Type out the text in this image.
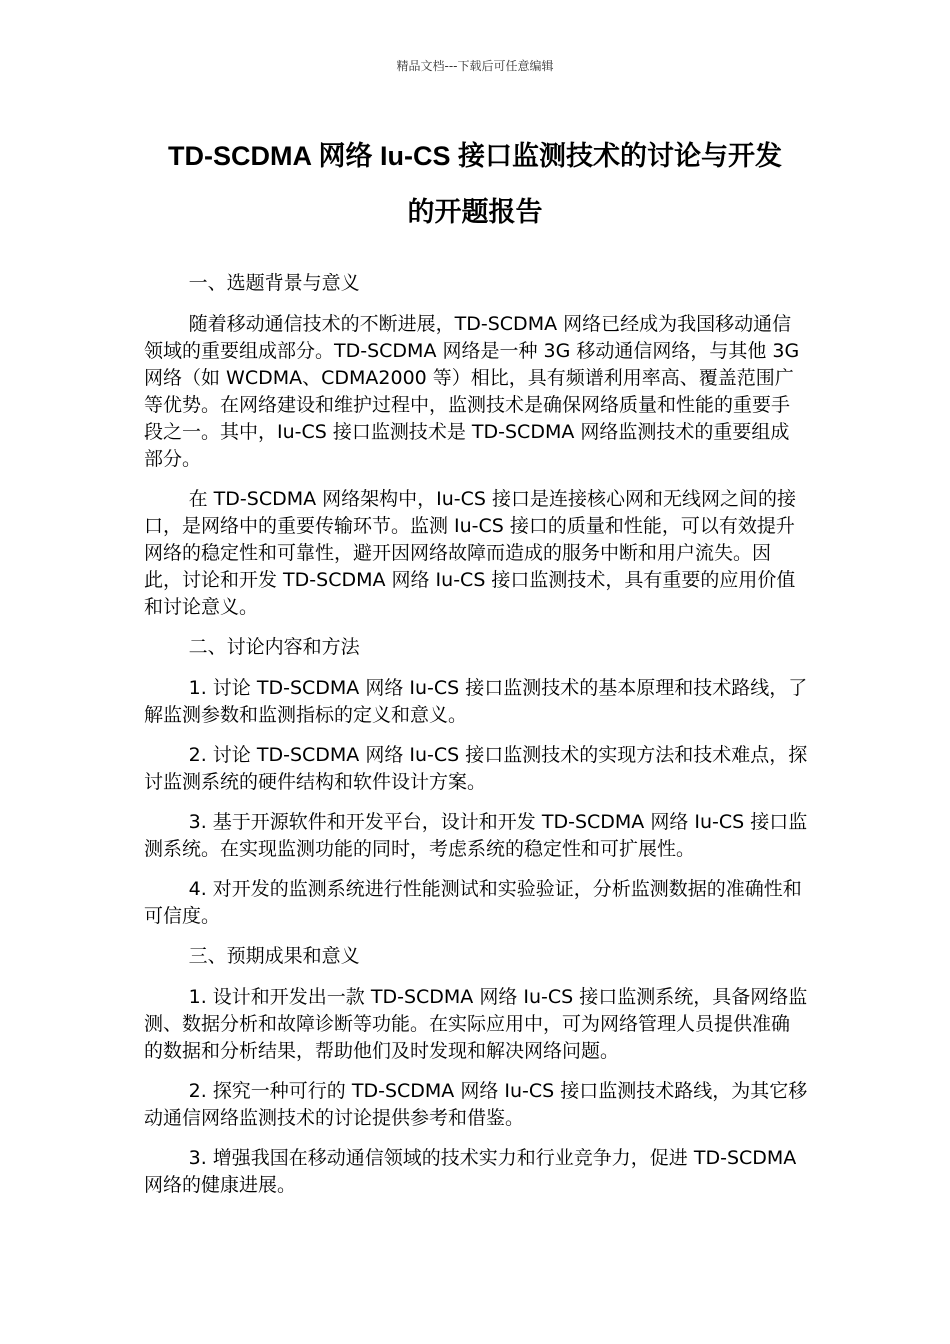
精品文档---下载后可任意编辑
TD-SCDMA 网络 Iu-CS 接口监测技术的讨论与开发
的开题报告

一、选题背景与意义

随着移动通信技术的不断进展，TD-SCDMA 网络已经成为我国移动通信领域的重要组成部分。TD-SCDMA 网络是一种 3G 移动通信网络，与其他 3G 网络（如 WCDMA、CDMA2000 等）相比，具有频谱利用率高、覆盖范围广等优势。在网络建设和维护过程中，监测技术是确保网络质量和性能的重要手段之一。其中，Iu-CS 接口监测技术是 TD-SCDMA 网络监测技术的重要组成部分。

在 TD-SCDMA 网络架构中，Iu-CS 接口是连接核心网和无线网之间的接口，是网络中的重要传输环节。监测 Iu-CS 接口的质量和性能，可以有效提升网络的稳定性和可靠性，避开因网络故障而造成的服务中断和用户流失。因此，讨论和开发 TD-SCDMA 网络 Iu-CS 接口监测技术，具有重要的应用价值和讨论意义。

二、讨论内容和方法

1. 讨论 TD-SCDMA 网络 Iu-CS 接口监测技术的基本原理和技术路线，了解监测参数和监测指标的定义和意义。

2. 讨论 TD-SCDMA 网络 Iu-CS 接口监测技术的实现方法和技术难点，探讨监测系统的硬件结构和软件设计方案。

3. 基于开源软件和开发平台，设计和开发 TD-SCDMA 网络 Iu-CS 接口监测系统。在实现监测功能的同时，考虑系统的稳定性和可扩展性。

4. 对开发的监测系统进行性能测试和实验验证，分析监测数据的准确性和可信度。

三、预期成果和意义

1. 设计和开发出一款 TD-SCDMA 网络 Iu-CS 接口监测系统，具备网络监测、数据分析和故障诊断等功能。在实际应用中，可为网络管理人员提供准确的数据和分析结果，帮助他们及时发现和解决网络问题。

2. 探究一种可行的 TD-SCDMA 网络 Iu-CS 接口监测技术路线，为其它移动通信网络监测技术的讨论提供参考和借鉴。

3. 增强我国在移动通信领域的技术实力和行业竞争力，促进 TD-SCDMA 网络的健康进展。
